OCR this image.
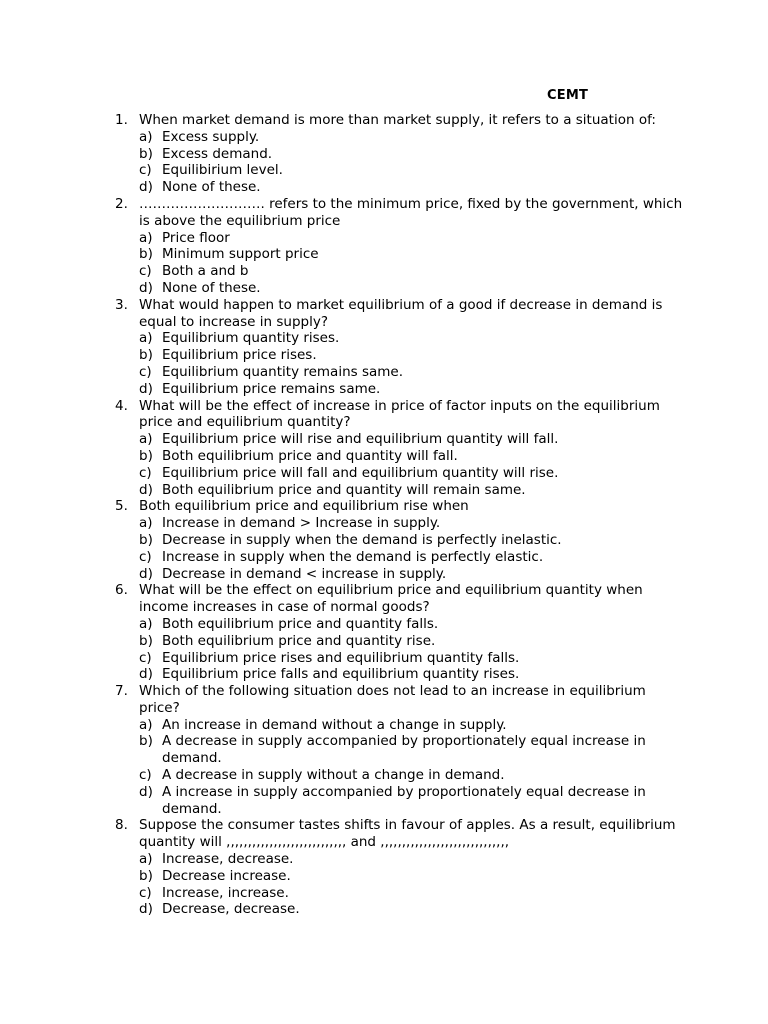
CEMT
1. When market demand is more than market supply, it refers to a situation of:
a) Excess supply.
b) Excess demand.
c) Equilibirium level.
d) None of these.
2. ………………………. refers to the minimum price, fixed by the government, which is above the equilibrium price
a) Price floor
b) Minimum support price
c) Both a and b
d) None of these.
3. What would happen to market equilibrium of a good if decrease in demand is equal to increase in supply?
a) Equilibrium quantity rises.
b) Equilibrium price rises.
c) Equilibrium quantity remains same.
d) Equilibrium price remains same.
4. What will be the effect of increase in price of factor inputs on the equilibrium price and equilibrium quantity?
a) Equilibrium price will rise and equilibrium quantity will fall.
b) Both equilibrium price and quantity will fall.
c) Equilibrium price will fall and equilibrium quantity will rise.
d) Both equilibrium price and quantity will remain same.
5. Both equilibrium price and equilibrium rise when
a) Increase in demand > Increase in supply.
b) Decrease in supply when the demand is perfectly inelastic.
c) Increase in supply when the demand is perfectly elastic.
d) Decrease in demand < increase in supply.
6. What will be the effect on equilibrium price and equilibrium quantity when income increases in case of normal goods?
a) Both equilibrium price and quantity falls.
b) Both equilibrium price and quantity rise.
c) Equilibrium price rises and equilibrium quantity falls.
d) Equilibrium price falls and equilibrium quantity rises.
7. Which of the following situation does not lead to an increase in equilibrium price?
a) An increase in demand without a change in supply.
b) A decrease in supply accompanied by proportionately equal increase in demand.
c) A decrease in supply without a change in demand.
d) A increase in supply accompanied by proportionately equal decrease in demand.
8. Suppose the consumer tastes shifts in favour of apples. As a result, equilibrium quantity will ,,,,,,,,,,,,,,,,,,,,,,,,,,,, and ,,,,,,,,,,,,,,,,,,,,,,,,,,,,,,
a) Increase, decrease.
b) Decrease increase.
c) Increase, increase.
d) Decrease, decrease.
